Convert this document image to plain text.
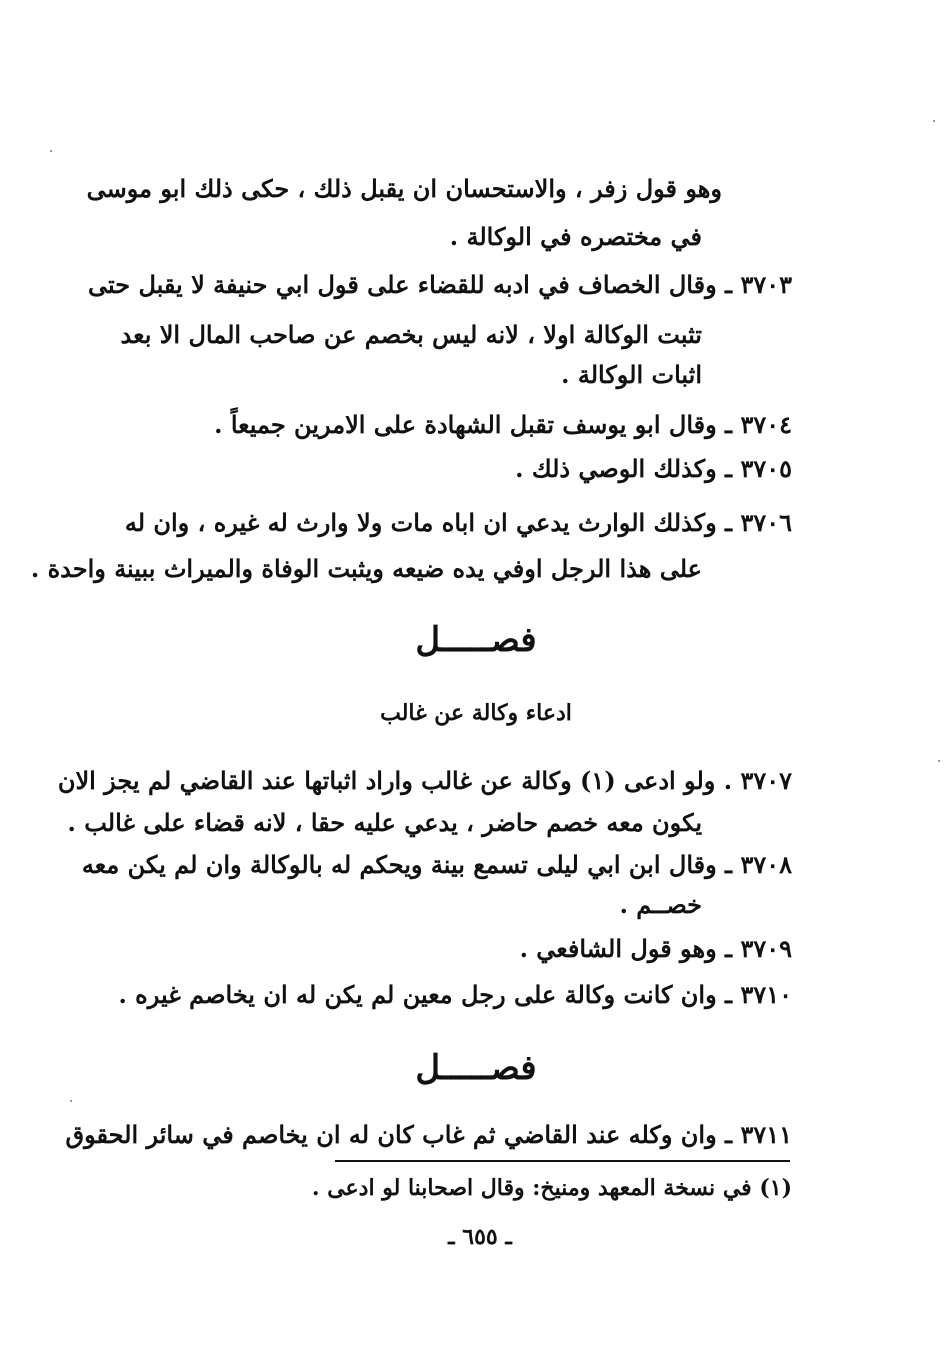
وهو قول زفر ، والاستحسان ان يقبل ذلك ، حكى ذلك ابو موسى
في مختصره في الوكالة .
٣٧٠٣ ـ وقال الخصاف في ادبه للقضاء على قول ابي حنيفة لا يقبل حتى
تثبت الوكالة اولا ، لانه ليس بخصم عن صاحب المال الا بعد
اثبات الوكالة .
٣٧٠٤ ـ وقال ابو يوسف تقبل الشهادة على الامرين جميعاً .
٣٧٠٥ ـ وكذلك الوصي ذلك .
٣٧٠٦ ـ وكذلك الوارث يدعي ان اباه مات ولا وارث له غيره ، وان له
على هذا الرجل اوفي يده ضيعه ويثبت الوفاة والميراث ببينة واحدة .
فصـــــل
ادعاء وكالة عن غالب
٣٧٠٧ . ولو ادعى (١) وكالة عن غالب واراد اثباتها عند القاضي لم يجز الان
يكون معه خصم حاضر ، يدعي عليه حقا ، لانه قضاء على غالب .
٣٧٠٨ ـ وقال ابن ابي ليلى تسمع بينة ويحكم له بالوكالة وان لم يكن معه
خصــم .
٣٧٠٩ ـ وهو قول الشافعي .
٣٧١٠ ـ وان كانت وكالة على رجل معين لم يكن له ان يخاصم غيره .
فصـــــل
٣٧١١ ـ وان وكله عند القاضي ثم غاب كان له ان يخاصم في سائر الحقوق
(١) في نسخة المعهد ومنيخ: وقال اصحابنا لو ادعى .
ـ ٦٥٥ ـ
